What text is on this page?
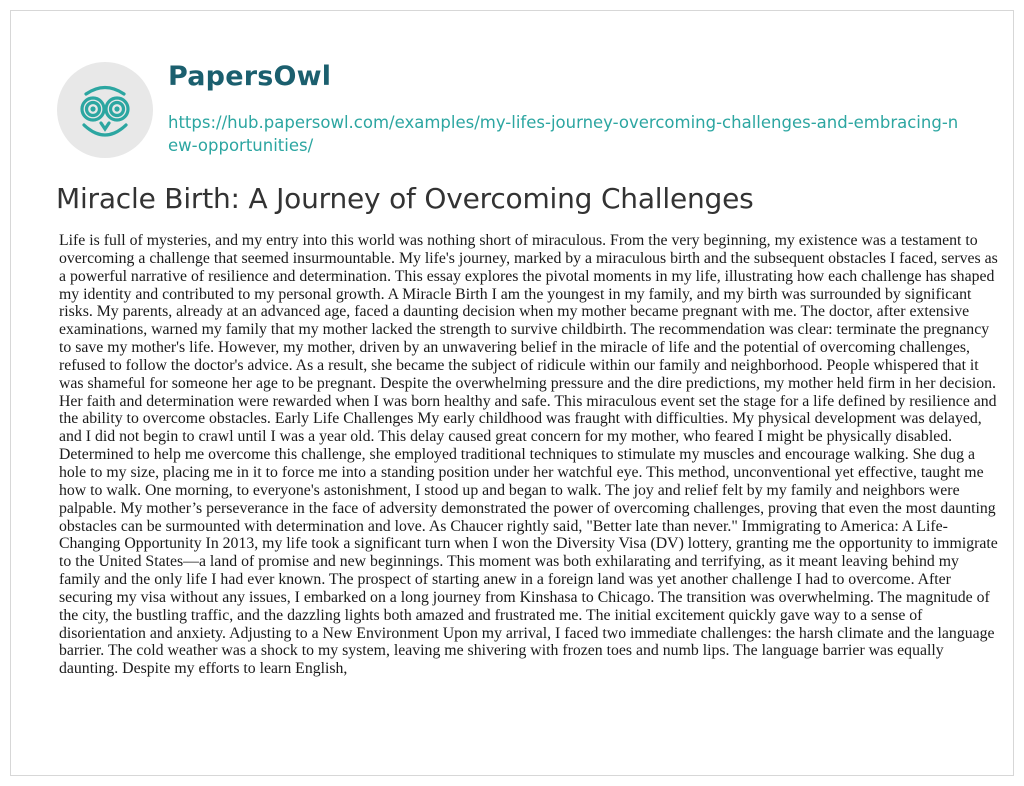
PapersOwl
https://hub.papersowl.com/examples/my-lifes-journey-overcoming-challenges-and-embracing-new-opportunities/
Miracle Birth: A Journey of Overcoming Challenges

Life is full of mysteries, and my entry into this world was nothing short of miraculous. From the very beginning, my existence was a testament to overcoming a challenge that seemed insurmountable. My life's journey, marked by a miraculous birth and the subsequent obstacles I faced, serves as a powerful narrative of resilience and determination. This essay explores the pivotal moments in my life, illustrating how each challenge has shaped my identity and contributed to my personal growth. A Miracle Birth I am the youngest in my family, and my birth was surrounded by significant risks. My parents, already at an advanced age, faced a daunting decision when my mother became pregnant with me. The doctor, after extensive examinations, warned my family that my mother lacked the strength to survive childbirth. The recommendation was clear: terminate the pregnancy to save my mother's life. However, my mother, driven by an unwavering belief in the miracle of life and the potential of overcoming challenges, refused to follow the doctor's advice. As a result, she became the subject of ridicule within our family and neighborhood. People whispered that it was shameful for someone her age to be pregnant. Despite the overwhelming pressure and the dire predictions, my mother held firm in her decision. Her faith and determination were rewarded when I was born healthy and safe. This miraculous event set the stage for a life defined by resilience and the ability to overcome obstacles. Early Life Challenges My early childhood was fraught with difficulties. My physical development was delayed, and I did not begin to crawl until I was a year old. This delay caused great concern for my mother, who feared I might be physically disabled. Determined to help me overcome this challenge, she employed traditional techniques to stimulate my muscles and encourage walking. She dug a hole to my size, placing me in it to force me into a standing position under her watchful eye. This method, unconventional yet effective, taught me how to walk. One morning, to everyone's astonishment, I stood up and began to walk. The joy and relief felt by my family and neighbors were palpable. My mother’s perseverance in the face of adversity demonstrated the power of overcoming challenges, proving that even the most daunting obstacles can be surmounted with determination and love. As Chaucer rightly said, "Better late than never." Immigrating to America: A Life-Changing Opportunity In 2013, my life took a significant turn when I won the Diversity Visa (DV) lottery, granting me the opportunity to immigrate to the United States—a land of promise and new beginnings. This moment was both exhilarating and terrifying, as it meant leaving behind my family and the only life I had ever known. The prospect of starting anew in a foreign land was yet another challenge I had to overcome. After securing my visa without any issues, I embarked on a long journey from Kinshasa to Chicago. The transition was overwhelming. The magnitude of the city, the bustling traffic, and the dazzling lights both amazed and frustrated me. The initial excitement quickly gave way to a sense of disorientation and anxiety. Adjusting to a New Environment Upon my arrival, I faced two immediate challenges: the harsh climate and the language barrier. The cold weather was a shock to my system, leaving me shivering with frozen toes and numb lips. The language barrier was equally daunting. Despite my efforts to learn English,
